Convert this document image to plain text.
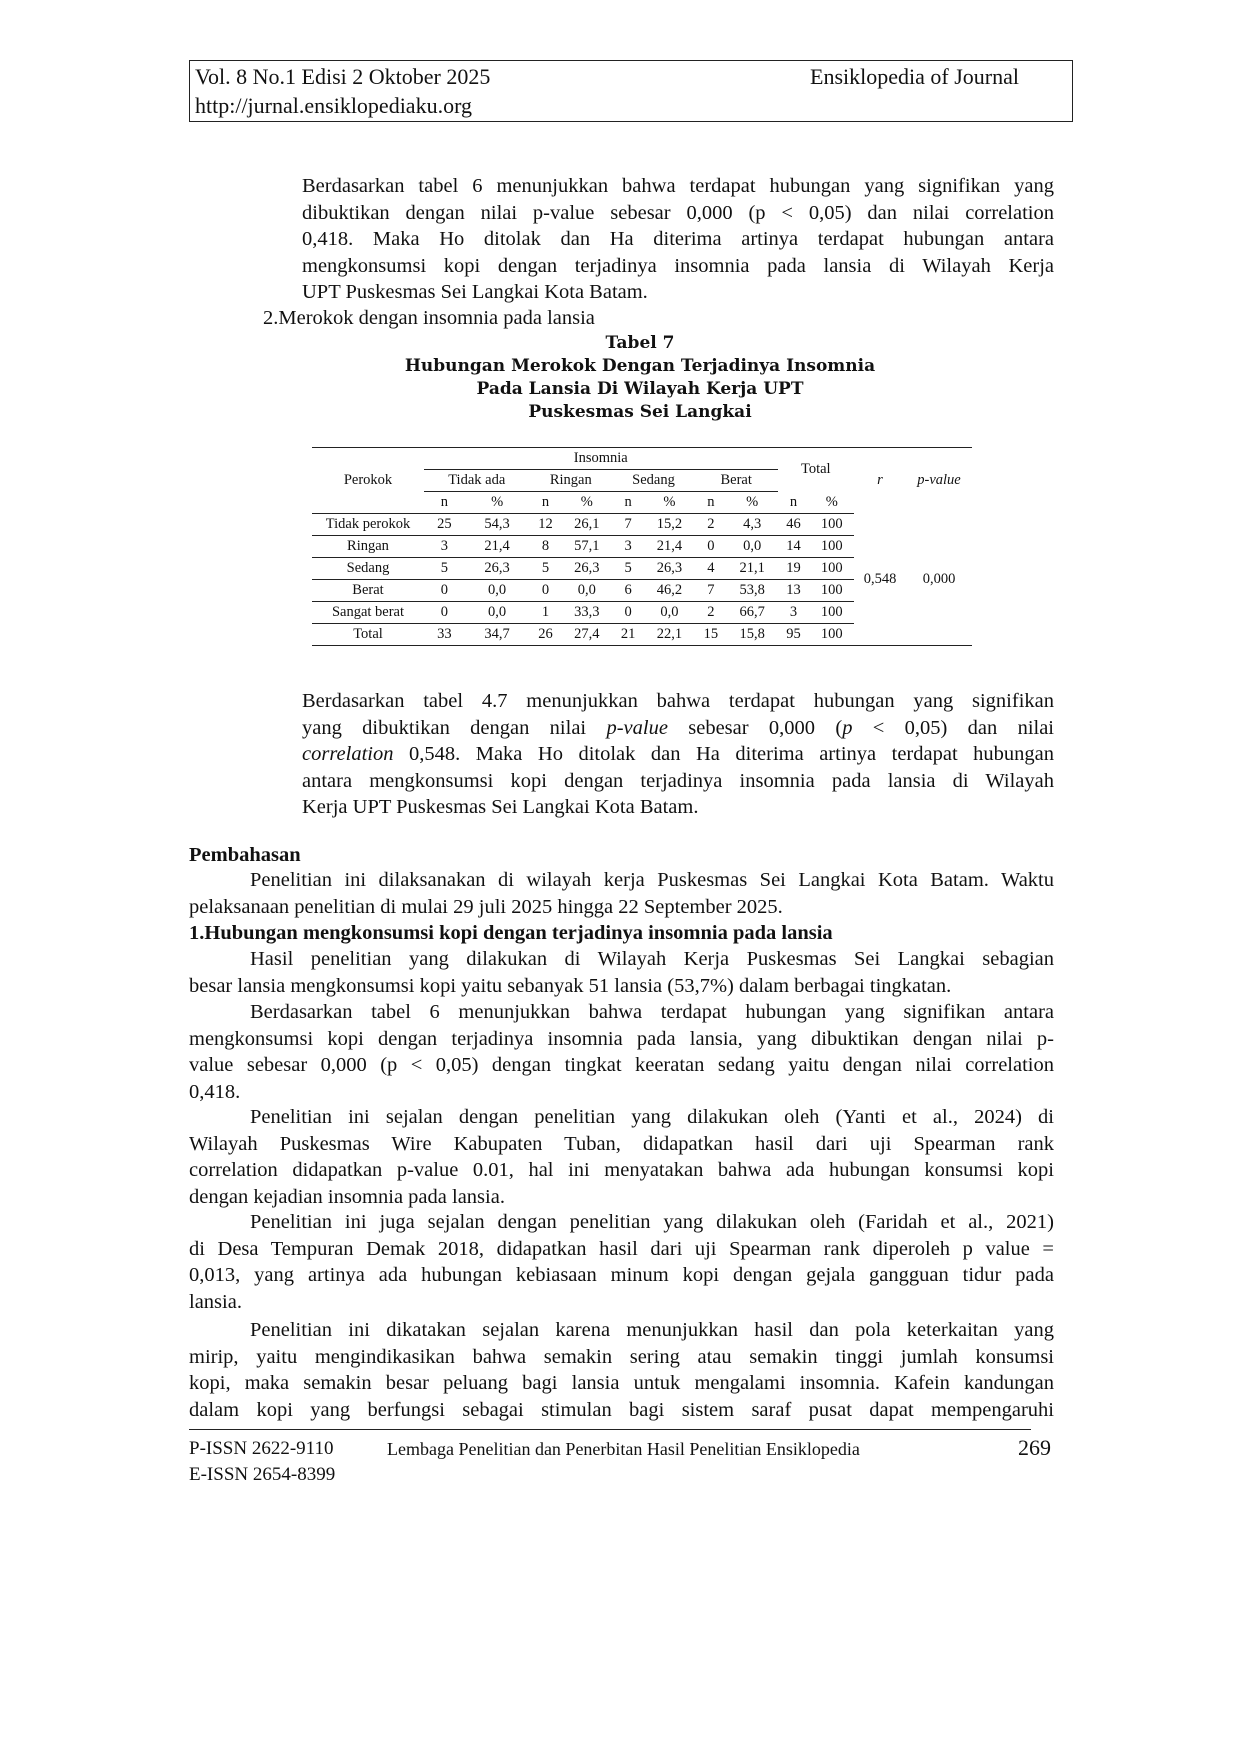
Vol. 8 No.1 Edisi 2 Oktober 2025	Ensiklopedia of Journal
http://jurnal.ensiklopediaku.org
Berdasarkan tabel 6 menunjukkan bahwa terdapat hubungan yang signifikan yang
dibuktikan dengan nilai p-value sebesar 0,000 (p < 0,05) dan nilai correlation
0,418. Maka Ho ditolak dan Ha diterima artinya terdapat hubungan antara
mengkonsumsi kopi dengan terjadinya insomnia pada lansia di Wilayah Kerja
UPT Puskesmas Sei Langkai Kota Batam.
2.Merokok dengan insomnia pada lansia
Tabel 7
Hubungan Merokok Dengan Terjadinya Insomnia
Pada Lansia Di Wilayah Kerja UPT
Puskesmas Sei Langkai
Perokok	Insomnia								Total		r	p-value
	Tidak ada		Ringan		Sedang		Berat					
	n	%	n	%	n	%	n	%	n	%		
Tidak perokok	25	54,3	12	26,1	7	15,2	2	4,3	46	100	0,548	0,000
Ringan	3	21,4	8	57,1	3	21,4	0	0,0	14	100		
Sedang	5	26,3	5	26,3	5	26,3	4	21,1	19	100		
Berat	0	0,0	0	0,0	6	46,2	7	53,8	13	100		
Sangat berat	0	0,0	1	33,3	0	0,0	2	66,7	3	100		
Total	33	34,7	26	27,4	21	22,1	15	15,8	95	100		
Berdasarkan tabel 4.7 menunjukkan bahwa terdapat hubungan yang signifikan
yang dibuktikan dengan nilai p-value sebesar 0,000 (p < 0,05) dan nilai
correlation 0,548. Maka Ho ditolak dan Ha diterima artinya terdapat hubungan
antara mengkonsumsi kopi dengan terjadinya insomnia pada lansia di Wilayah
Kerja UPT Puskesmas Sei Langkai Kota Batam.
Pembahasan
Penelitian ini dilaksanakan di wilayah kerja Puskesmas Sei Langkai Kota Batam. Waktu
pelaksanaan penelitian di mulai 29 juli 2025 hingga 22 September 2025.
1.Hubungan mengkonsumsi kopi dengan terjadinya insomnia pada lansia
Hasil penelitian yang dilakukan di Wilayah Kerja Puskesmas Sei Langkai sebagian
besar lansia mengkonsumsi kopi yaitu sebanyak 51 lansia (53,7%) dalam berbagai tingkatan.
Berdasarkan tabel 6 menunjukkan bahwa terdapat hubungan yang signifikan antara
mengkonsumsi kopi dengan terjadinya insomnia pada lansia, yang dibuktikan dengan nilai p-
value sebesar 0,000 (p < 0,05) dengan tingkat keeratan sedang yaitu dengan nilai correlation
0,418.
Penelitian ini sejalan dengan penelitian yang dilakukan oleh (Yanti et al., 2024) di
Wilayah Puskesmas Wire Kabupaten Tuban, didapatkan hasil dari uji Spearman rank
correlation didapatkan p-value 0.01, hal ini menyatakan bahwa ada hubungan konsumsi kopi
dengan kejadian insomnia pada lansia.
Penelitian ini juga sejalan dengan penelitian yang dilakukan oleh (Faridah et al., 2021)
di Desa Tempuran Demak 2018, didapatkan hasil dari uji Spearman rank diperoleh p value =
0,013, yang artinya ada hubungan kebiasaan minum kopi dengan gejala gangguan tidur pada
lansia.
Penelitian ini dikatakan sejalan karena menunjukkan hasil dan pola keterkaitan yang
mirip, yaitu mengindikasikan bahwa semakin sering atau semakin tinggi jumlah konsumsi
kopi, maka semakin besar peluang bagi lansia untuk mengalami insomnia. Kafein kandungan
dalam kopi yang berfungsi sebagai stimulan bagi sistem saraf pusat dapat mempengaruhi
P-ISSN 2622-9110	Lembaga Penelitian dan Penerbitan Hasil Penelitian Ensiklopedia	269
E-ISSN 2654-8399
